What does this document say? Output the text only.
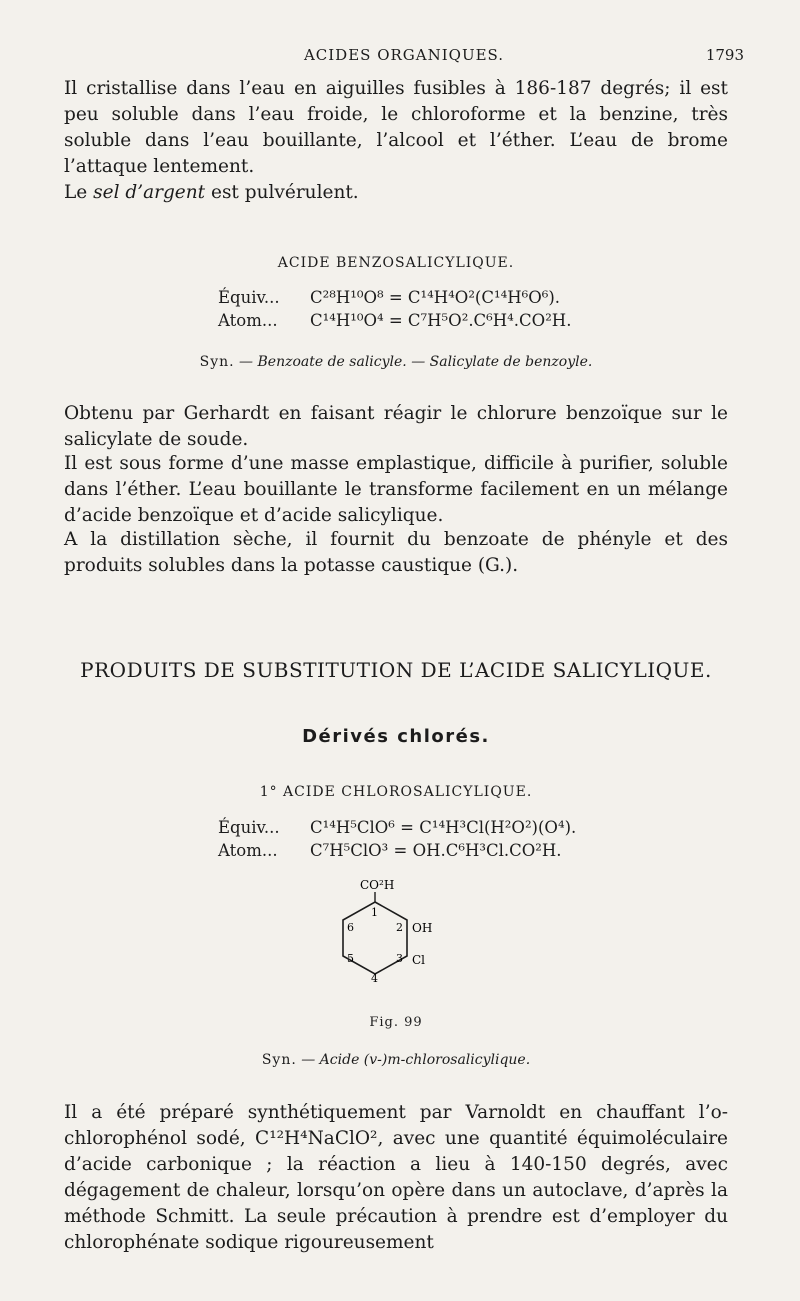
ACIDES ORGANIQUES.	1793
Il cristallise dans l’eau en aiguilles fusibles à 186-187 degrés; il est peu soluble dans l’eau froide, le chloroforme et la benzine, très soluble dans l’eau bouillante, l’alcool et l’éther. L’eau de brome l’attaque lentement.
Le sel d’argent est pulvérulent.
ACIDE BENZOSALICYLIQUE.
Équiv... C²⁸H¹⁰O⁸ = C¹⁴H⁴O²(C¹⁴H⁶O⁶).
Atom... C¹⁴H¹⁰O⁴ = C⁷H⁵O².C⁶H⁴.CO²H.
Syn. — Benzoate de salicyle. — Salicylate de benzoyle.
Obtenu par Gerhardt en faisant réagir le chlorure benzoïque sur le salicylate de soude.
Il est sous forme d’une masse emplastique, difficile à purifier, soluble dans l’éther. L’eau bouillante le transforme facilement en un mélange d’acide benzoïque et d’acide salicylique.
A la distillation sèche, il fournit du benzoate de phényle et des produits solubles dans la potasse caustique (G.).
PRODUITS DE SUBSTITUTION DE L’ACIDE SALICYLIQUE.
Dérivés chlorés.
1° ACIDE CHLOROSALICYLIQUE.
Équiv... C¹⁴H⁵ClO⁶ = C¹⁴H³Cl(H²O²)(O⁴).
Atom... C⁷H⁵ClO³ = OH.C⁶H³Cl.CO²H.
CO²H
1
2
3
4
5
6	OH
Cl
Fig. 99
Syn. — Acide (v-)m-chlorosalicylique.
Il a été préparé synthétiquement par Varnoldt en chauffant l’o-chlorophénol sodé, C¹²H⁴NaClO², avec une quantité équimoléculaire d’acide carbonique ; la réaction a lieu à 140-150 degrés, avec dégagement de chaleur, lorsqu’on opère dans un autoclave, d’après la méthode Schmitt. La seule précaution à prendre est d’employer du chlorophénate sodique rigoureusement
